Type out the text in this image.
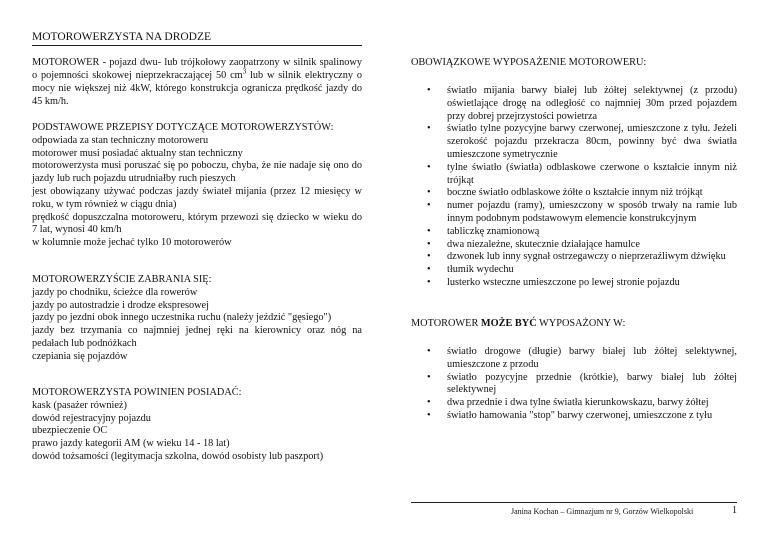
MOTOROWERZYSTA NA DRODZE
MOTOROWER - pojazd dwu- lub trójkołowy zaopatrzony w silnik spalinowy o pojemności skokowej nieprzekraczającej 50 $cm^3$ lub w silnik elektryczny o mocy nie większej niż 4kW, którego konstrukcja ogranicza prędkość jazdy do 45 km/h.
PODSTAWOWE PRZEPISY DOTYCZĄCE MOTOROWERZYSTÓW:
odpowiada za stan techniczny motoroweru
motorower musi posiadać aktualny stan techniczny
motorowerzysta musi poruszać się po poboczu, chyba, że nie nadaje się ono do jazdy lub ruch pojazdu utrudniałby ruch pieszych
jest obowiązany używać podczas jazdy świateł mijania (przez 12 miesięcy w roku, w tym również w ciągu dnia)
prędkość dopuszczalna motoroweru, którym przewozi się dziecko w wieku do 7 lat, wynosi 40 km/h
w kolumnie może jechać tylko 10 motorowerów
MOTOROWERZYŚCIE ZABRANIA SIĘ:
jazdy po chodniku, ścieżce dla rowerów
jazdy po autostradzie i drodze ekspresowej
jazdy po jezdni obok innego uczestnika ruchu (należy jeździć "gęsiego")
jazdy bez trzymania co najmniej jednej ręki na kierownicy oraz nóg na pedałach lub podnóżkach
czepiania się pojazdów
MOTOROWERZYSTA POWINIEN POSIADAĆ:
kask (pasażer również)
dowód rejestracyjny pojazdu
ubezpieczenie OC
prawo jazdy kategorii AM (w wieku 14 - 18 lat)
dowód tożsamości (legitymacja szkolna, dowód osobisty lub paszport)
OBOWIĄZKOWE WYPOSAŻENIE MOTOROWERU:
• światło mijania barwy białej lub żółtej selektywnej (z przodu) oświetlające drogę na odległość co najmniej 30m przed pojazdem przy dobrej przejrzystości powietrza
• światło tylne pozycyjne barwy czerwonej, umieszczone z tyłu. Jeżeli szerokość pojazdu przekracza 80cm, powinny być dwa światła umieszczone symetrycznie
• tylne światło (światła) odblaskowe czerwone o kształcie innym niż trójkąt
• boczne światło odblaskowe żółte o kształcie innym niż trójkąt
• numer pojazdu (ramy), umieszczony w sposób trwały na ramie lub innym podobnym podstawowym elemencie konstrukcyjnym
• tabliczkę znamionową
• dwa niezależne, skutecznie działające hamulce
• dzwonek lub inny sygnał ostrzegawczy o nieprzeraźliwym dźwięku
• tłumik wydechu
• lusterko wsteczne umieszczone po lewej stronie pojazdu
MOTOROWER MOŻE BYĆ WYPOSAŻONY W:
• światło drogowe (długie) barwy białej lub żółtej selektywnej, umieszczone z przodu
• światło pozycyjne przednie (krótkie), barwy białej lub żółtej selektywnej
• dwa przednie i dwa tylne światła kierunkowskazu, barwy żółtej
• światło hamowania "stop" barwy czerwonej, umieszczone z tyłu
Janina Kochan – Gimnazjum nr 9, Gorzów Wielkopolski	1
